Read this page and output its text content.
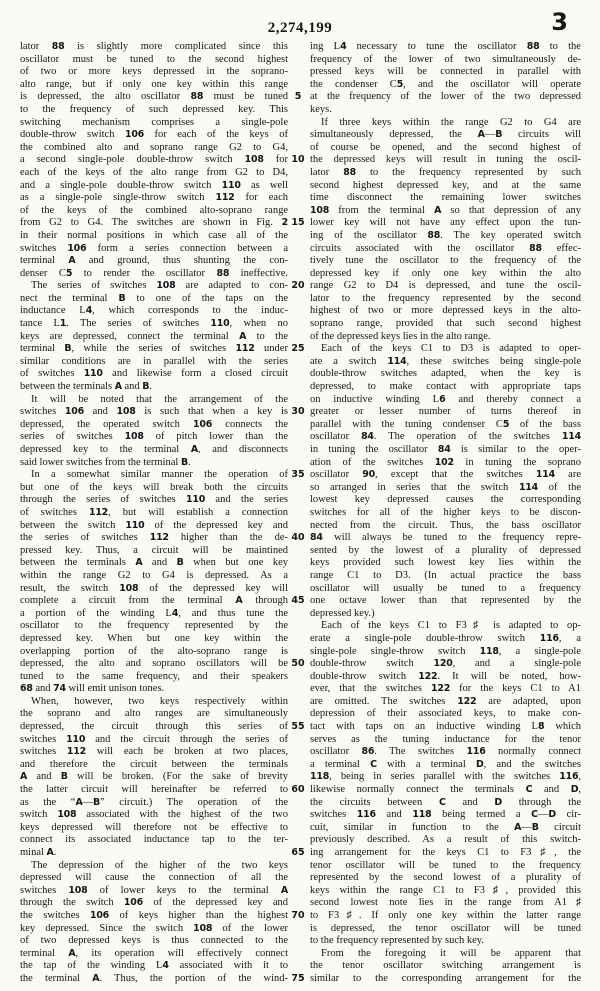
2,274,199	3
lator 88 is slightly more complicated since this
oscillator must be tuned to the second highest
of two or more keys depressed in the soprano-
alto range, but if only one key within this range
is depressed, the alto oscillator 88 must be tuned
to the frequency of such depressed key. This
switching mechanism comprises a single-pole
double-throw switch 106 for each of the keys of
the combined alto and soprano range G2 to G4,
a second single-pole double-throw switch 108 for
each of the keys of the alto range from G2 to D4,
and a single-pole double-throw switch 110 as well
as a single-pole single-throw switch 112 for each
of the keys of the combined alto-soprano range
from G2 to G4. The switches are shown in Fig. 2
in their normal positions in which case all of the
switches 106 form a series connection between a
terminal A and ground, thus shunting the con-
denser C5 to render the oscillator 88 ineffective.
The series of switches 108 are adapted to con-
nect the terminal B to one of the taps on the
inductance L4, which corresponds to the induc-
tance L1. The series of switches 110, when no
keys are depressed, connect the terminal A to the
terminal B, while the series of switches 112 under
similar conditions are in parallel with the series
of switches 110 and likewise form a closed circuit
between the terminals A and B.
It will be noted that the arrangement of the
switches 106 and 108 is such that when a key is
depressed, the operated switch 106 connects the
series of switches 108 of pitch lower than the
depressed key to the terminal A, and disconnects
said lower switches from the terminal B.
In a somewhat similar manner the operation of
but one of the keys will break both the circuits
through the series of switches 110 and the series
of switches 112, but will establish a connection
between the switch 110 of the depressed key and
the series of switches 112 higher than the de-
pressed key. Thus, a circuit will be maintined
between the terminals A and B when but one key
within the range G2 to G4 is depressed. As a
result, the switch 108 of the depressed key will
complete a circuit from the terminal A through
a portion of the winding L4, and thus tune the
oscillator to the frequency represented by the
depressed key. When but one key within the
overlapping portion of the alto-soprano range is
depressed, the alto and soprano oscillators will be
tuned to the same frequency, and their speakers
68 and 74 will emit unison tones.
When, however, two keys respectively within
the soprano and alto ranges are simultaneously
depressed, the circuit through this series of
switches 110 and the circuit through the series of
switches 112 will each be broken at two places,
and therefore the circuit between the terminals
A and B will be broken. (For the sake of brevity
the latter circuit will hereinafter be referred to
as the “A—B” circuit.) The operation of the
switch 108 associated with the highest of the two
keys depressed will therefore not be effective to
connect its associated inductance tap to the ter-
minal A.
The depression of the higher of the two keys
depressed will cause the connection of all the
switches 108 of lower keys to the terminal A
through the switch 106 of the depressed key and
the switches 106 of keys higher than the highest
key depressed. Since the switch 108 of the lower
of two depressed keys is thus connected to the
terminal A, its operation will effectively connect
the tap of the winding L4 associated with it to
the terminal A. Thus, the portion of the wind-
5
10
15
20
25
30
35
40
45
50
55
60
65
70
75
ing L4 necessary to tune the oscillator 88 to the
frequency of the lower of two simultaneously de-
pressed keys will be connected in parallel with
the condenser C5, and the oscillator will operate
at the frequency of the lower of the two depressed
keys.
If three keys within the range G2 to G4 are
simultaneously depressed, the A—B circuits will
of course be opened, and the second highest of
the depressed keys will result in tuning the oscil-
lator 88 to the frequency represented by such
second highest depressed key, and at the same
time disconnect the remaining lower switches
108 from the terminal A so that depression of any
lower key will not have any effect upon the tun-
ing of the oscillator 88. The key operated switch
circuits associated with the oscillator 88 effec-
tively tune the oscillator to the frequency of the
depressed key if only one key within the alto
range G2 to D4 is depressed, and tune the oscil-
lator to the frequency represented by the second
highest of two or more depressed keys in the alto-
soprano range, provided that such second highest
of the depressed keys lies in the alto range.
Each of the keys C1 to D3 is adapted to oper-
ate a switch 114, these switches being single-pole
double-throw switches adapted, when the key is
depressed, to make contact with appropriate taps
on inductive winding L6 and thereby connect a
greater or lesser number of turns thereof in
parallel with the tuning condenser C5 of the bass
oscillator 84. The operation of the switches 114
in tuning the oscillator 84 is similar to the oper-
ation of the switches 102 in tuning the soprano
oscillator 90, except that the switches 114 are
so arranged in series that the switch 114 of the
lowest key depressed causes the corresponding
switches for all of the higher keys to be discon-
nected from the circuit. Thus, the bass oscillator
84 will always be tuned to the frequency repre-
sented by the lowest of a plurality of depressed
keys provided such lowest key lies within the
range C1 to D3. (In actual practice the bass
oscillator will usually be tuned to a frequency
one octave lower than that represented by the
depressed key.)
Each of the keys C1 to F3♯ is adapted to op-
erate a single-pole double-throw switch 116, a
single-pole single-throw switch 118, a single-pole
double-throw switch 120, and a single-pole
double-throw switch 122. It will be noted, how-
ever, that the switches 122 for the keys C1 to A1
are omitted. The switches 122 are adapted, upon
depression of their associated keys, to make con-
tact with taps on an inductive winding L8 which
serves as the tuning inductance for the tenor
oscillator 86. The switches 116 normally connect
a terminal C with a terminal D, and the switches
118, being in series parallel with the switches 116,
likewise normally connect the terminals C and D,
the circuits between C and D through the
switches 116 and 118 being termed a C—D cir-
cuit, similar in function to the A—B circuit
previously described. As a result of this switch-
ing arrangement for the keys C1 to F3♯, the
tenor oscillator will be tuned to the frequency
represented by the second lowest of a plurality of
keys within the range C1 to F3♯, provided this
second lowest note lies in the range from A1♯
to F3♯. If only one key within the latter range
is depressed, the tenor oscillator will be tuned
to the frequency represented by such key.
From the foregoing it will be apparent that
the tenor oscillator switching arrangement is
similar to the corresponding arrangement for the
